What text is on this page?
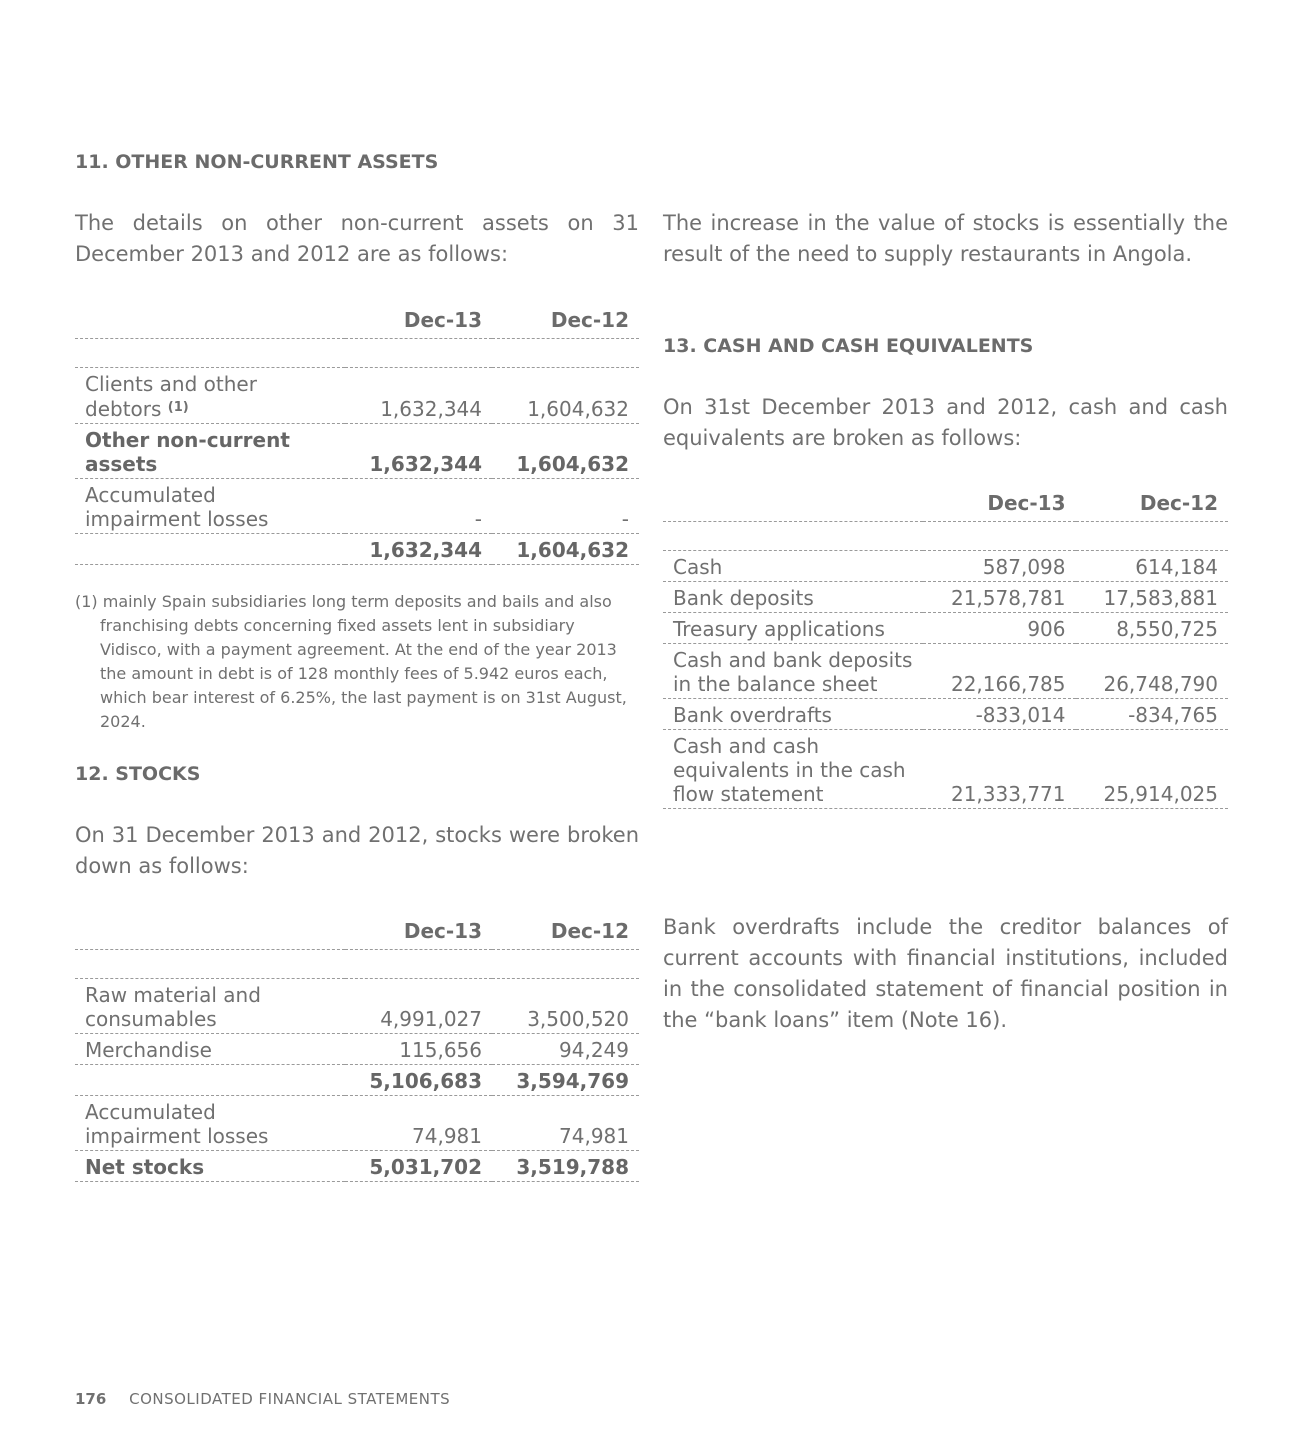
11. OTHER NON-CURRENT ASSETS

The details on other non-current assets on 31 December 2013 and 2012 are as follows:

	Dec-13	Dec-12

Clients and other debtors $^{(1)}$	1,632,344	1,604,632
Other non-current assets	1,632,344	1,604,632
Accumulated impairment losses	-	-
	1,632,344	1,604,632

(1) mainly Spain subsidiaries long term deposits and bails and also franchising debts concerning fixed assets lent in subsidiary Vidisco, with a payment agreement. At the end of the year 2013 the amount in debt is of 128 monthly fees of 5.942 euros each, which bear interest of 6.25%, the last payment is on 31st August, 2024.

12. STOCKS

On 31 December 2013 and 2012, stocks were broken down as follows:

	Dec-13	Dec-12

Raw material and consumables	4,991,027	3,500,520
Merchandise	115,656	94,249
	5,106,683	3,594,769
Accumulated impairment losses	74,981	74,981
Net stocks	5,031,702	3,519,788

The increase in the value of stocks is essentially the result of the need to supply restaurants in Angola.

13. CASH AND CASH EQUIVALENTS

On 31st December 2013 and 2012, cash and cash equivalents are broken as follows:

	Dec-13	Dec-12

Cash	587,098	614,184
Bank deposits	21,578,781	17,583,881
Treasury applications	906	8,550,725
Cash and bank deposits in the balance sheet	22,166,785	26,748,790
Bank overdrafts	-833,014	-834,765
Cash and cash equivalents in the cash flow statement	21,333,771	25,914,025

Bank overdrafts include the creditor balances of current accounts with financial institutions, included in the consolidated statement of financial position in the “bank loans” item (Note 16).

176 CONSOLIDATED FINANCIAL STATEMENTS
